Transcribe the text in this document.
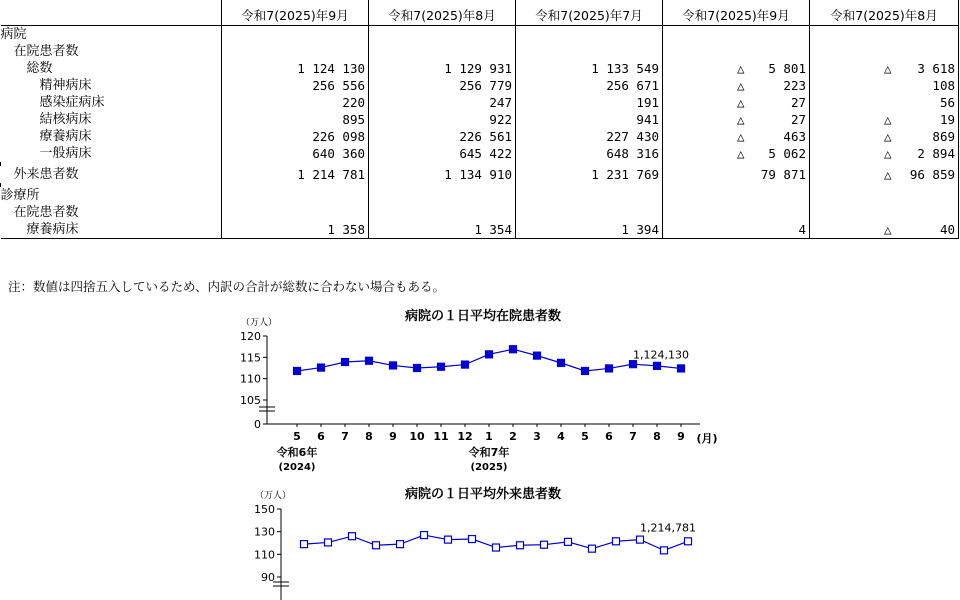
	令和7(2025)年9月	令和7(2025)年8月	令和7(2025)年7月	令和7(2025)年9月	令和7(2025)年8月
病院				

　在院患者数				

　　総数	1 124 130	1 129 931	1 133 549	△ 5 801	△ 3 618

　　　精神病床	256 556	256 779	256 671	△ 223	108

　　　感染症病床	220	247	191	△ 27	56

　　　結核病床	895	922	941	△ 27	△ 19

　　　療養病床	226 098	226 561	227 430	△ 463	△ 869

　　　一般病床	640 360	645 422	648 316	△ 5 062	△ 2 894

　外来患者数	1 214 781	1 134 910	1 231 769	79 871	△ 96 859

診療所				

　在院患者数				

　　療養病床	1 358	1 354	1 394	4	△ 40
注：数値は四捨五入しているため、内訳の合計が総数に合わない場合もある。
病院の１日平均在院患者数
（万人）
0
105
110
115
120
5 6 7 8 9 10 11 12 1 2 3 4 5 6 7 8 9 (月)
令和6年
(2024)
令和7年
(2025)
1,124,130
病院の１日平均外来患者数
（万人）
90
110
130
150
1,214,781
